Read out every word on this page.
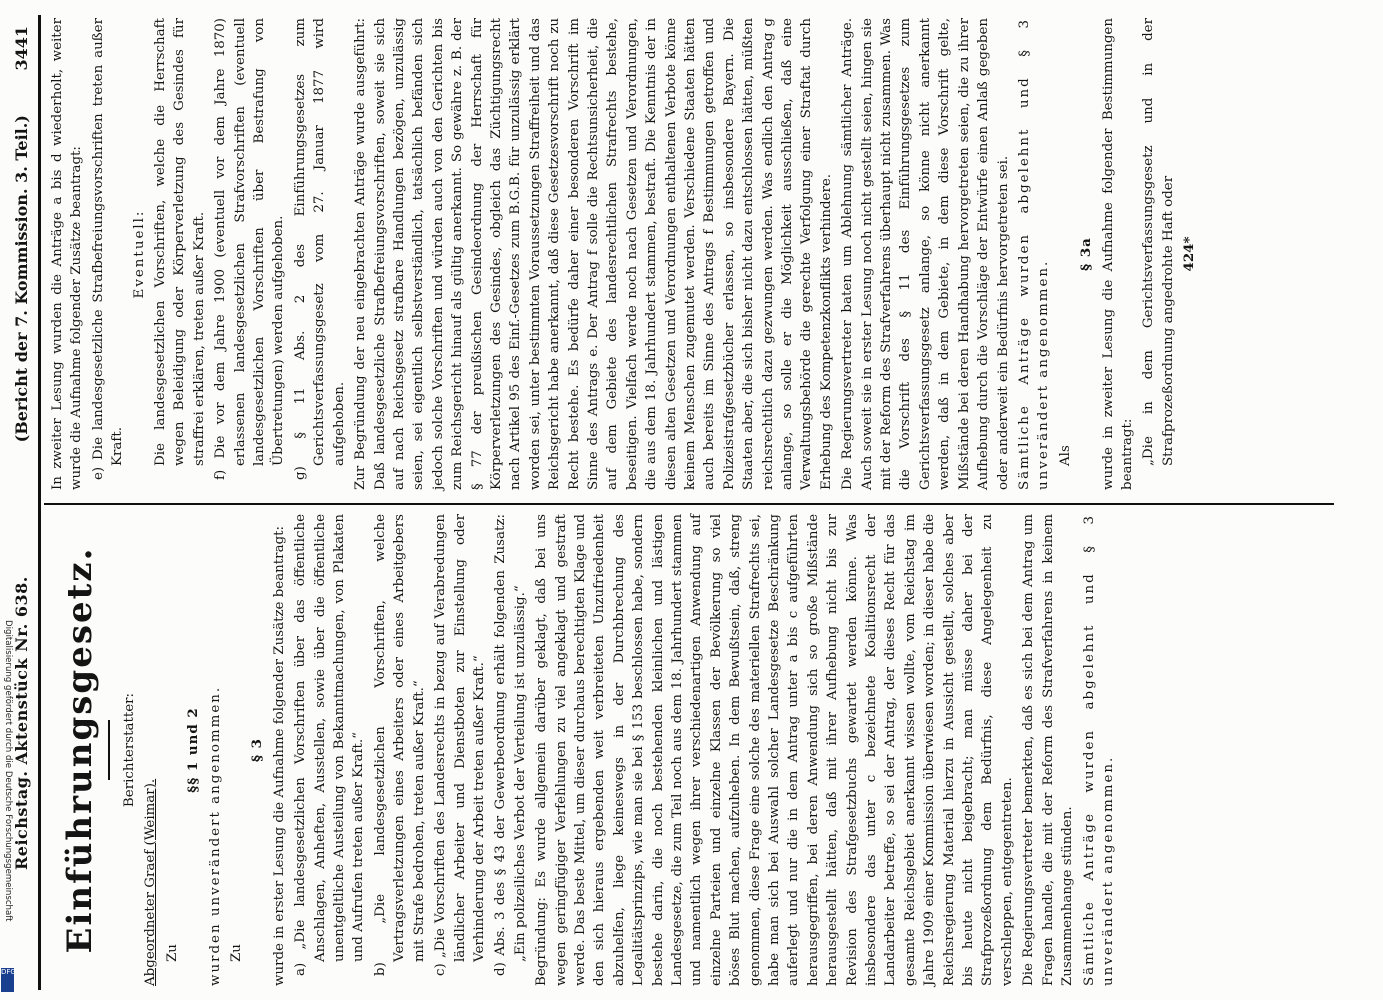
Reichstag. Aktenstück Nr. 638.
(Bericht der 7. Kommission. 3. Teil.)        3441
Einführungsgesetz. Berichterstatter:

Abgeordneter Graef (Weimar). Zu

§§ 1 und 2 wurden unverändert angenommen. Zu

§ 3 wurde in erster Lesung die Aufnahme folgender Zusätze beantragt: a) „Die landesgesetzlichen Vorschriften über das öffentliche Anschlagen, Anheften, Ausstellen, sowie über die öffentliche unentgeltliche Austeilung von Bekanntmachungen, von Plakaten und Aufrufen treten außer Kraft.“ b) „Die landesgesetzlichen Vorschriften, welche Vertragsverletzungen eines Arbeiters oder eines Arbeitgebers mit Strafe bedrohen, treten außer Kraft.“ c) „Die Vorschriften des Landesrechts in bezug auf Verabredungen ländlicher Arbeiter und Dienstboten zur Einstellung oder Verhinderung der Arbeit treten außer Kraft.“ d) Abs. 3 des § 43 der Gewerbeordnung erhält folgenden Zusatz: „Ein polizeiliches Verbot der Verteilung ist unzulässig.“ Begründung: Es wurde allgemein darüber geklagt, daß bei uns wegen geringfügiger Verfehlungen zu viel angeklagt und gestraft werde. Das beste Mittel, um dieser durchaus berechtigten Klage und den sich hieraus ergebenden weit verbreiteten Unzufriedenheit abzuhelfen, liege keineswegs in der Durchbrechung des Legalitätsprinzips, wie man sie bei § 153 beschlossen habe, sondern bestehe darin, die noch bestehenden kleinlichen und lästigen Landesgesetze, die zum Teil noch aus dem 18. Jahrhundert stammen und namentlich wegen ihrer verschiedenartigen Anwendung auf einzelne Parteien und einzelne Klassen der Bevölkerung so viel böses Blut machen, aufzuheben. In dem Bewußtsein, daß, streng genommen, diese Frage eine solche des materiellen Strafrechts sei, habe man sich bei Auswahl solcher Landesgesetze Beschränkung auferlegt und nur die in dem Antrag unter a bis c aufgeführten herausgegriffen, bei deren Anwendung sich so große Mißstände herausgestellt hätten, daß mit ihrer Aufhebung nicht bis zur Revision des Strafgesetzbuchs gewartet werden könne. Was insbesondere das unter c bezeichnete Koalitionsrecht der Landarbeiter betreffe, so sei der Antrag, der dieses Recht für das gesamte Reichsgebiet anerkannt wissen wollte, vom Reichstag im Jahre 1909 einer Kommission überwiesen worden; in dieser habe die Reichsregierung Material hierzu in Aussicht gestellt, solches aber bis heute nicht beigebracht; man müsse daher bei der Strafprozeßordnung dem Bedürfnis, diese Angelegenheit zu verschleppen, entgegentreten. Die Regierungsvertreter bemerkten, daß es sich bei dem Antrag um Fragen handle, die mit der Reform des Strafverfahrens in keinem Zusammenhange stünden. Sämtliche Anträge wurden abgelehnt und § 3 unverändert angenommen.

In zweiter Lesung wurden die Anträge a bis d wiederholt, weiter wurde die Aufnahme folgender Zusätze beantragt: e) Die landesgesetzliche Strafbefreiungsvorschriften treten außer Kraft.

Eventuell: Die landesgesetzlichen Vorschriften, welche die Herrschaft wegen Beleidigung oder Körperverletzung des Gesindes für straffrei erklären, treten außer Kraft. f) Die vor dem Jahre 1900 (eventuell vor dem Jahre 1870) erlassenen landesgesetzlichen Strafvorschriften (eventuell landesgesetzlichen Vorschriften über Bestrafung von Übertretungen) werden aufgehoben. g) § 11 Abs. 2 des Einführungsgesetzes zum Gerichtsverfassungsgesetz vom 27. Januar 1877 wird aufgehoben. Zur Begründung der neu eingebrachten Anträge wurde ausgeführt: Daß landesgesetzliche Strafbefreiungsvorschriften, soweit sie sich auf nach Reichsgesetz strafbare Handlungen bezögen, unzulässig seien, sei eigentlich selbstverständlich, tatsächlich befänden sich jedoch solche Vorschriften und würden auch von den Gerichten bis zum Reichsgericht hinauf als gültig anerkannt. So gewähre z. B. der § 77 der preußischen Gesindeordnung der Herrschaft für Körperverletzungen des Gesindes, obgleich das Züchtigungsrecht nach Artikel 95 des Einf.-Gesetzes zum B.G.B. für unzulässig erklärt worden sei, unter bestimmten Voraussetzungen Straffreiheit und das Reichsgericht habe anerkannt, daß diese Gesetzesvorschrift noch zu Recht bestehe. Es bedürfe daher einer besonderen Vorschrift im Sinne des Antrags e. Der Antrag f solle die Rechtsunsicherheit, die auf dem Gebiete des landesrechtlichen Strafrechts bestehe, beseitigen. Vielfach werde noch nach Gesetzen und Verordnungen, die aus dem 18. Jahrhundert stammen, bestraft. Die Kenntnis der in diesen alten Gesetzen und Verordnungen enthaltenen Verbote könne keinem Menschen zugemutet werden. Verschiedene Staaten hätten auch bereits im Sinne des Antrags f Bestimmungen getroffen und Polizeistrafgesetzbücher erlassen, so insbesondere Bayern. Die Staaten aber, die sich bisher nicht dazu entschlossen hätten, müßten reichsrechtlich dazu gezwungen werden. Was endlich den Antrag g anlange, so solle er die Möglichkeit ausschließen, daß eine Verwaltungsbehörde die gerechte Verfolgung einer Straftat durch Erhebung des Kompetenzkonflikts verhindere. Die Regierungsvertreter baten um Ablehnung sämtlicher Anträge. Auch soweit sie in erster Lesung noch nicht gestellt seien, hingen sie mit der Reform des Strafverfahrens überhaupt nicht zusammen. Was die Vorschrift des § 11 des Einführungsgesetzes zum Gerichtsverfassungsgesetz anlange, so könne nicht anerkannt werden, daß in dem Gebiete, in dem diese Vorschrift gelte, Mißstände bei deren Handhabung hervorgetreten seien, die zu ihrer Aufhebung durch die Vorschläge der Entwürfe einen Anlaß gegeben oder anderweit ein Bedürfnis hervorgetreten sei. Sämtliche Anträge wurden abgelehnt und § 3 unverändert angenommen. Als

§ 3a wurde in zweiter Lesung die Aufnahme folgender Bestimmungen beantragt: „Die in dem Gerichtsverfassungsgesetz und in der Strafprozeßordnung angedrohte Haft oder 424*

Digitalisierung gefördert durch die Deutsche Forschungsgemeinschaft
DFG
